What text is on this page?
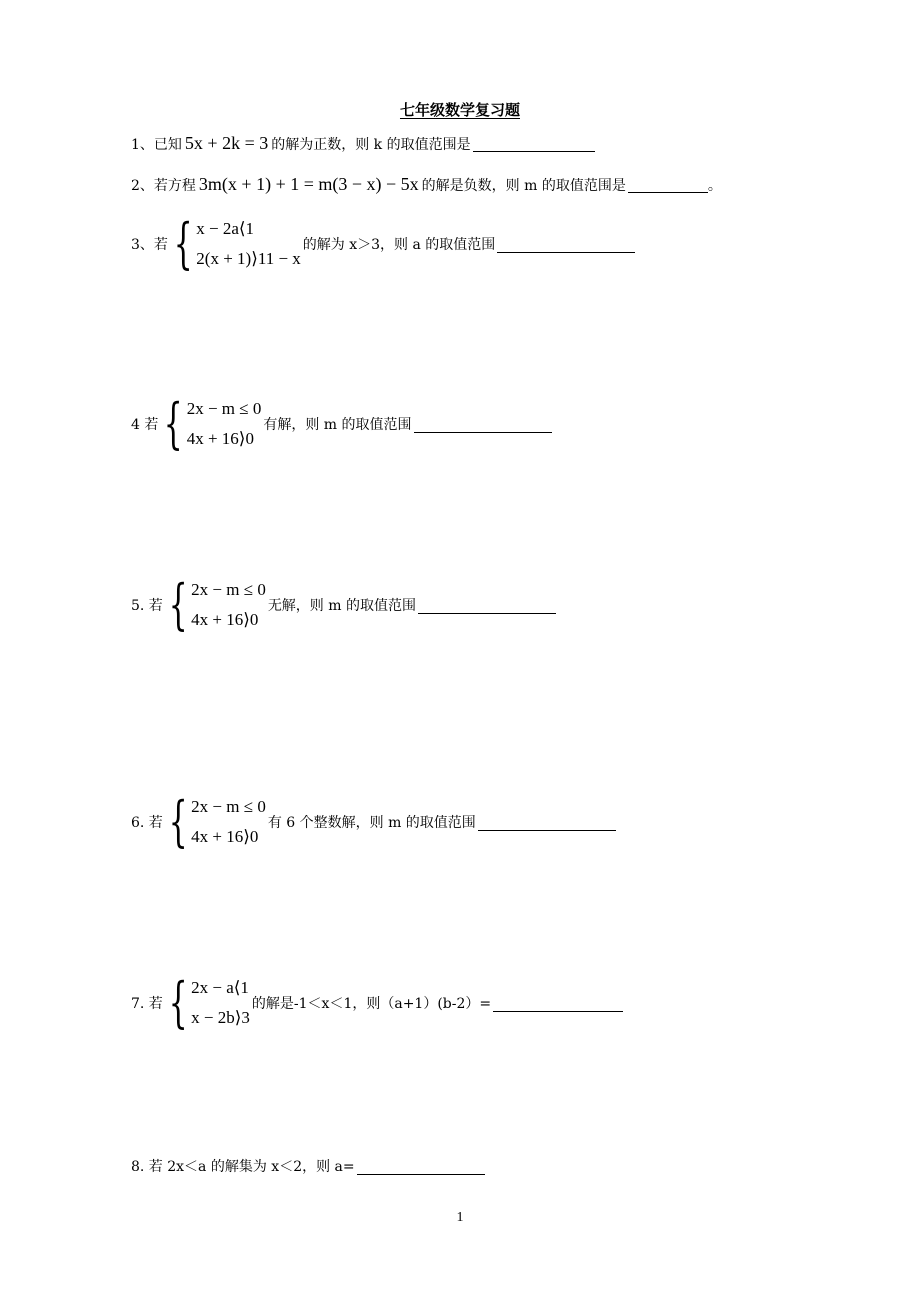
七年级数学复习题
1、已知 5x + 2k = 3 的解为正数，则 k 的取值范围是
2、若方程 3m(x + 1) + 1 = m(3 − x) − 5x 的解是负数，则 m 的取值范围是	。
3、若 { x − 2a⟨1
2(x + 1)⟩11 − x
的解为 x＞3，则 a 的取值范围
4 若 { 2x − m ≤ 0
4x + 16⟩0
有解，则 m 的取值范围
5. 若 { 2x − m ≤ 0
4x + 16⟩0
无解，则 m 的取值范围
6. 若 { 2x − m ≤ 0
4x + 16⟩0
有 6 个整数解，则 m 的取值范围
7. 若 { 2x − a⟨1
x − 2b⟩3
的解是-1＜x＜1，则（a+1）(b-2）=
8. 若 2x＜a 的解集为 x＜2，则 a=
1
